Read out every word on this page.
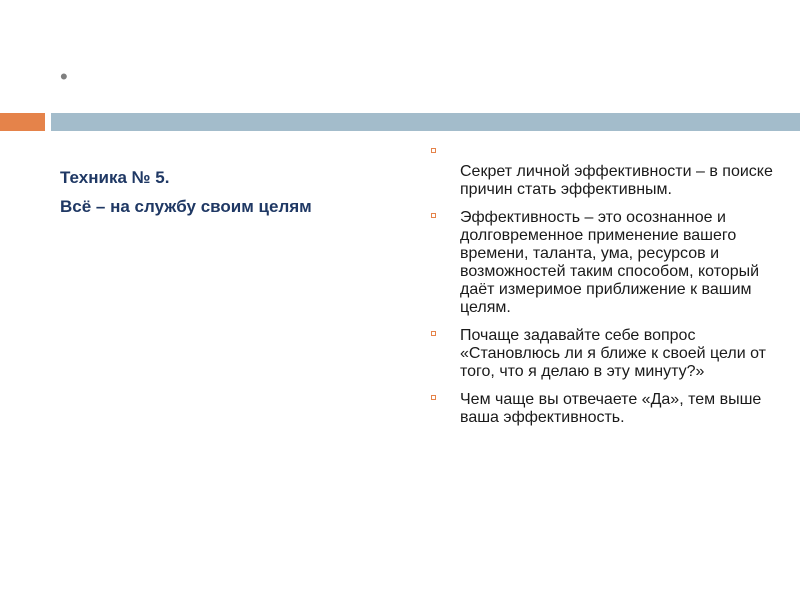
•
Техника № 5.
Всё – на службу своим целям
Секрет личной эффективности – в поиске причин стать эффективным.
Эффективность – это осознанное и долговременное применение вашего времени, таланта, ума, ресурсов и возможностей таким способом, который даёт измеримое приближение к вашим целям.
Почаще задавайте себе вопрос «Становлюсь ли я ближе к своей цели от того, что я делаю в эту минуту?»
Чем чаще вы отвечаете «Да», тем выше ваша эффективность.
